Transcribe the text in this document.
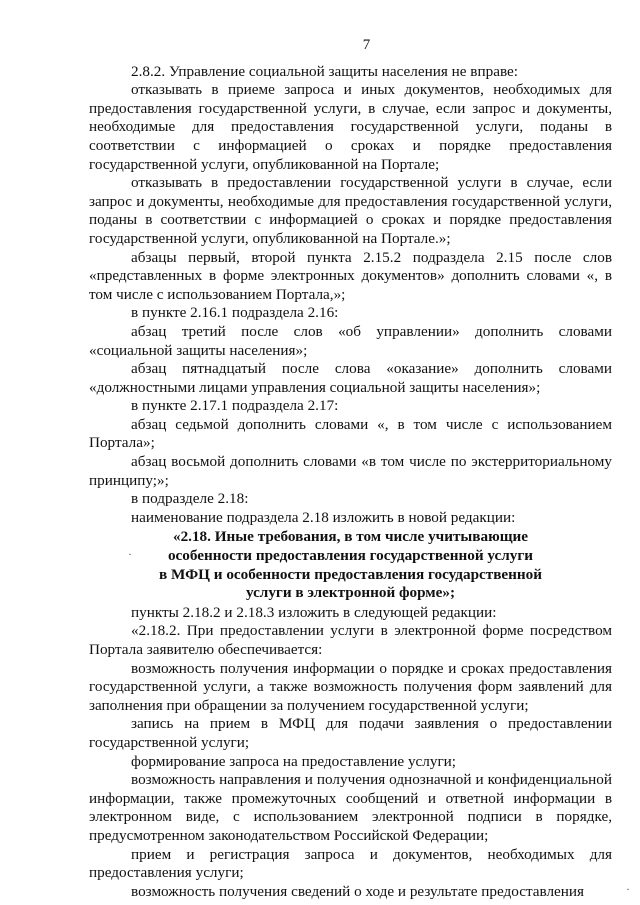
7

2.8.2. Управление социальной защиты населения не вправе:

отказывать в приеме запроса и иных документов, необходимых для предоставления государственной услуги, в случае, если запрос и документы, необходимые для предоставления государственной услуги, поданы в соответствии с информацией о сроках и порядке предоставления государственной услуги, опубликованной на Портале;

отказывать в предоставлении государственной услуги в случае, если запрос и документы, необходимые для предоставления государственной услуги, поданы в соответствии с информацией о сроках и порядке предоставления государственной услуги, опубликованной на Портале.»;

абзацы первый, второй пункта 2.15.2 подраздела 2.15 после слов «представленных в форме электронных документов» дополнить словами «, в том числе с использованием Портала,»;

в пункте 2.16.1 подраздела 2.16:

абзац третий после слов «об управлении» дополнить словами «социальной защиты населения»;

абзац пятнадцатый после слова «оказание» дополнить словами «должностными лицами управления социальной защиты населения»;

в пункте 2.17.1 подраздела 2.17:

абзац седьмой дополнить словами «, в том числе с использованием Портала»;

абзац восьмой дополнить словами «в том числе по экстерриториальному принципу;»;

в подразделе 2.18:

наименование подраздела 2.18 изложить в новой редакции:

«2.18. Иные требования, в том числе учитывающие

особенности предоставления государственной услуги

в МФЦ и особенности предоставления государственной

услуги в электронной форме»;

пункты 2.18.2 и 2.18.3 изложить в следующей редакции:

«2.18.2. При предоставлении услуги в электронной форме посредством Портала заявителю обеспечивается:

возможность получения информации о порядке и сроках предоставления государственной услуги, а также возможность получения форм заявлений для заполнения при обращении за получением государственной услуги;

запись на прием в МФЦ для подачи заявления о предоставлении государственной услуги;

формирование запроса на предоставление услуги;

возможность направления и получения однозначной и конфиденциальной информации, также промежуточных сообщений и ответной информации в электронном виде, с использованием электронной подписи в порядке, предусмотренном законодательством Российской Федерации;

прием и регистрация запроса и документов, необходимых для предоставления услуги;

возможность получения сведений о ходе и результате предоставления

·
·
